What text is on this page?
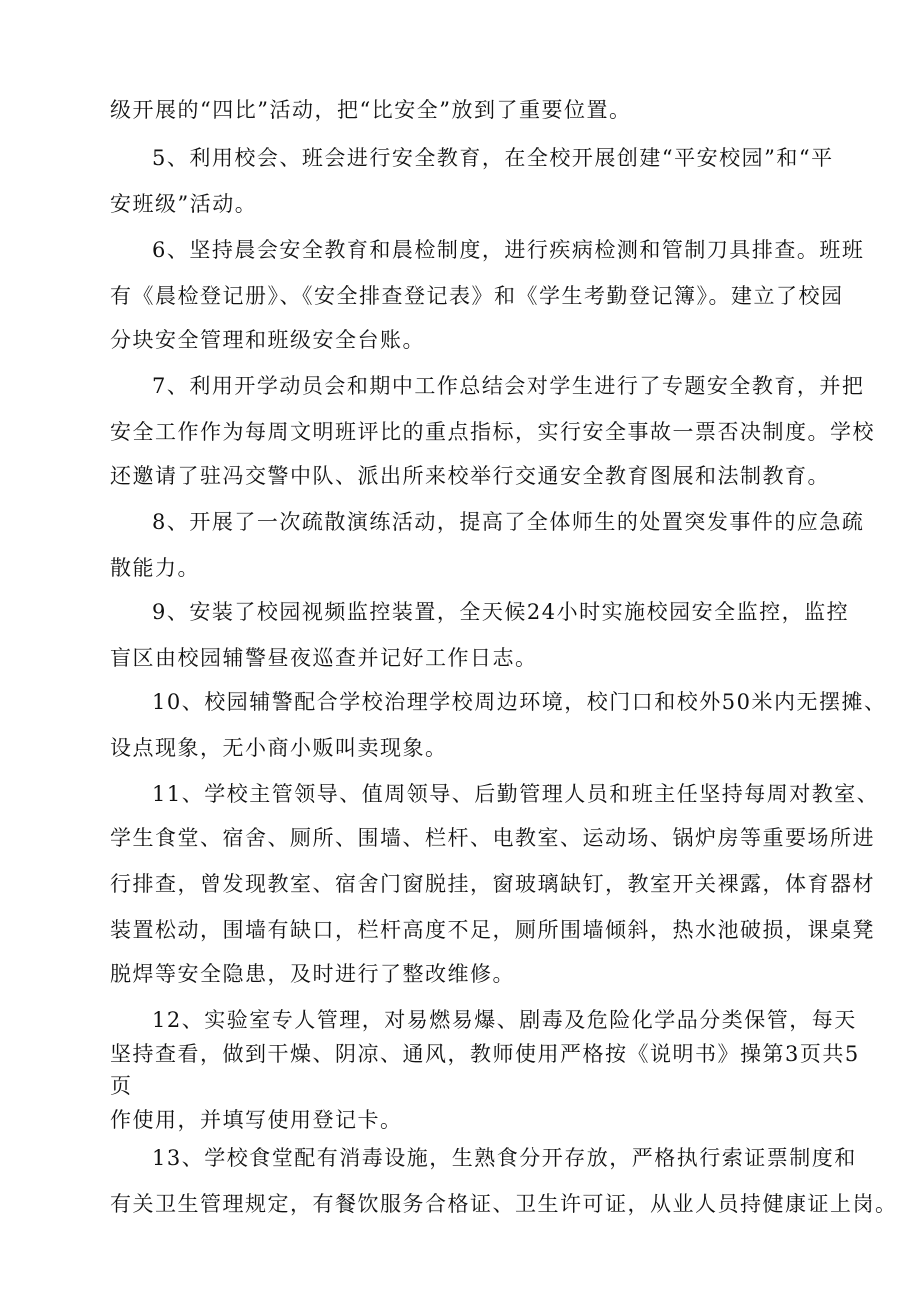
级开展的“四比”活动，把“比安全”放到了重要位置。
5、利用校会、班会进行安全教育，在全校开展创建“平安校园”和“平
安班级”活动。
6、坚持晨会安全教育和晨检制度，进行疾病检测和管制刀具排查。班班
有《晨检登记册》、《安全排查登记表》和《学生考勤登记簿》。建立了校园
分块安全管理和班级安全台账。
7、利用开学动员会和期中工作总结会对学生进行了专题安全教育，并把
安全工作作为每周文明班评比的重点指标，实行安全事故一票否决制度。学校
还邀请了驻冯交警中队、派出所来校举行交通安全教育图展和法制教育。
8、开展了一次疏散演练活动，提高了全体师生的处置突发事件的应急疏
散能力。
9、安装了校园视频监控装置，全天候24小时实施校园安全监控，监控
盲区由校园辅警昼夜巡查并记好工作日志。
10、校园辅警配合学校治理学校周边环境，校门口和校外50米内无摆摊、
设点现象，无小商小贩叫卖现象。
11、学校主管领导、值周领导、后勤管理人员和班主任坚持每周对教室、
学生食堂、宿舍、厕所、围墙、栏杆、电教室、运动场、锅炉房等重要场所进
行排查，曾发现教室、宿舍门窗脱挂，窗玻璃缺钉，教室开关裸露，体育器材
装置松动，围墙有缺口，栏杆高度不足，厕所围墙倾斜，热水池破损，课桌凳
脱焊等安全隐患，及时进行了整改维修。
12、实验室专人管理，对易燃易爆、剧毒及危险化学品分类保管，每天
坚持查看，做到干燥、阴凉、通风，教师使用严格按《说明书》操第3页共5
页
作使用，并填写使用登记卡。
13、学校食堂配有消毒设施，生熟食分开存放，严格执行索证票制度和
有关卫生管理规定，有餐饮服务合格证、卫生许可证，从业人员持健康证上岗。
